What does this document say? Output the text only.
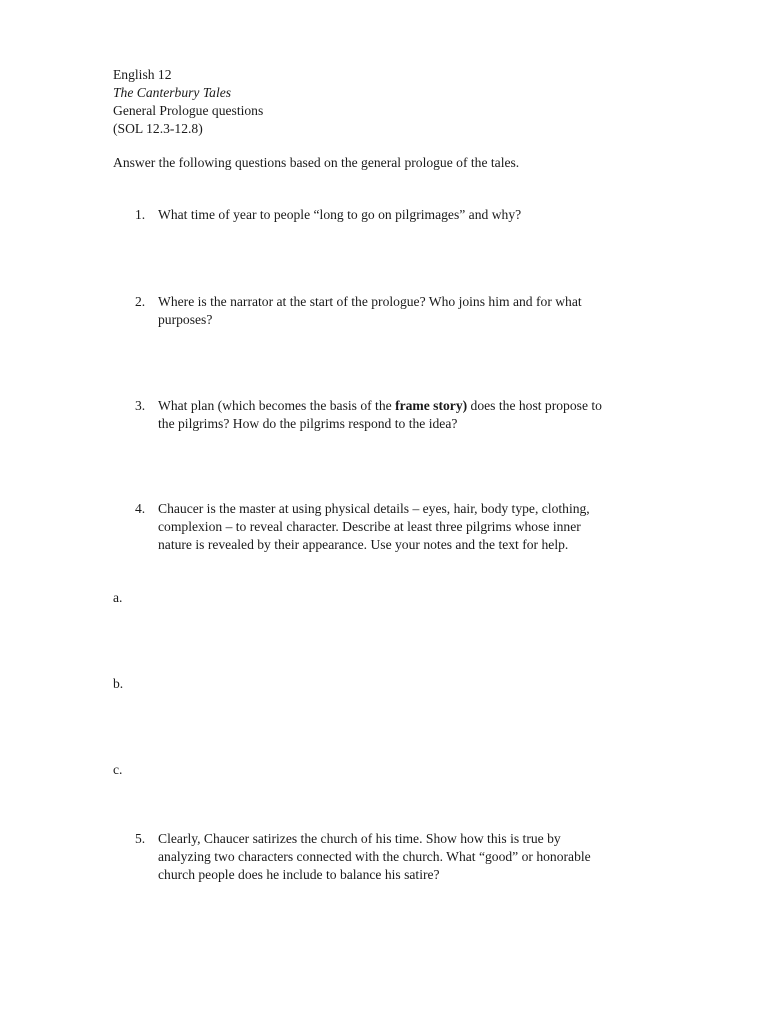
English 12
The Canterbury Tales
General Prologue questions
(SOL 12.3-12.8)
Answer the following questions based on the general prologue of the tales.
1. What time of year to people “long to go on pilgrimages” and why?
2. Where is the narrator at the start of the prologue? Who joins him and for what
purposes?
3. What plan (which becomes the basis of the frame story) does the host propose to
the pilgrims? How do the pilgrims respond to the idea?
4. Chaucer is the master at using physical details – eyes, hair, body type, clothing,
complexion – to reveal character. Describe at least three pilgrims whose inner
nature is revealed by their appearance. Use your notes and the text for help.
a.
b.
c.
5. Clearly, Chaucer satirizes the church of his time. Show how this is true by
analyzing two characters connected with the church. What “good” or honorable
church people does he include to balance his satire?
